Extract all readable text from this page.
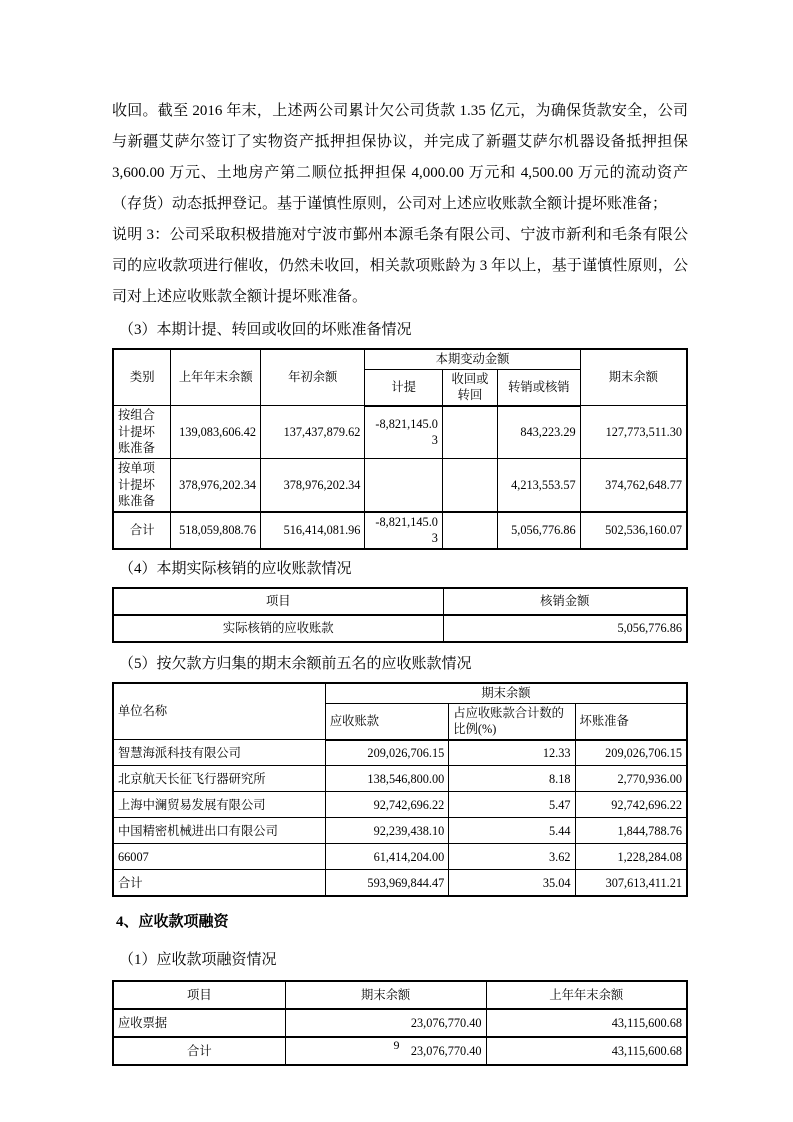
收回。截至 2016 年末，上述两公司累计欠公司货款 1.35 亿元，为确保货款安全，公司与新疆艾萨尔签订了实物资产抵押担保协议，并完成了新疆艾萨尔机器设备抵押担保 3,600.00 万元、土地房产第二顺位抵押担保 4,000.00 万元和 4,500.00 万元的流动资产（存货）动态抵押登记。基于谨慎性原则，公司对上述应收账款全额计提坏账准备；

说明 3：公司采取积极措施对宁波市鄞州本源毛条有限公司、宁波市新利和毛条有限公司的应收款项进行催收，仍然未收回，相关款项账龄为 3 年以上，基于谨慎性原则，公司对上述应收账款全额计提坏账准备。

（3）本期计提、转回或收回的坏账准备情况
类别	上年年末余额	年初余额	本期变动金额			期末余额
			计提	收回或转回	转销或核销	
按组合计提坏账准备	139,083,606.42	137,437,879.62	-8,821,145.03		843,223.29	127,773,511.30
按单项计提坏账准备	378,976,202.34	378,976,202.34			4,213,553.57	374,762,648.77
合计	518,059,808.76	516,414,081.96	-8,821,145.03		5,056,776.86	502,536,160.07
（4）本期实际核销的应收账款情况
项目	核销金额
实际核销的应收账款	5,056,776.86
（5）按欠款方归集的期末余额前五名的应收账款情况
单位名称	期末余额		
	应收账款	占应收账款合计数的比例(%)	坏账准备
智慧海派科技有限公司	209,026,706.15	12.33	209,026,706.15
北京航天长征飞行器研究所	138,546,800.00	8.18	2,770,936.00
上海中澜贸易发展有限公司	92,742,696.22	5.47	92,742,696.22
中国精密机械进出口有限公司	92,239,438.10	5.44	1,844,788.76
66007	61,414,204.00	3.62	1,228,284.08
合计	593,969,844.47	35.04	307,613,411.21
4、应收款项融资
（1）应收款项融资情况
项目	期末余额	上年年末余额
应收票据	23,076,770.40	43,115,600.68
合计	23,076,770.40	43,115,600.68
9
